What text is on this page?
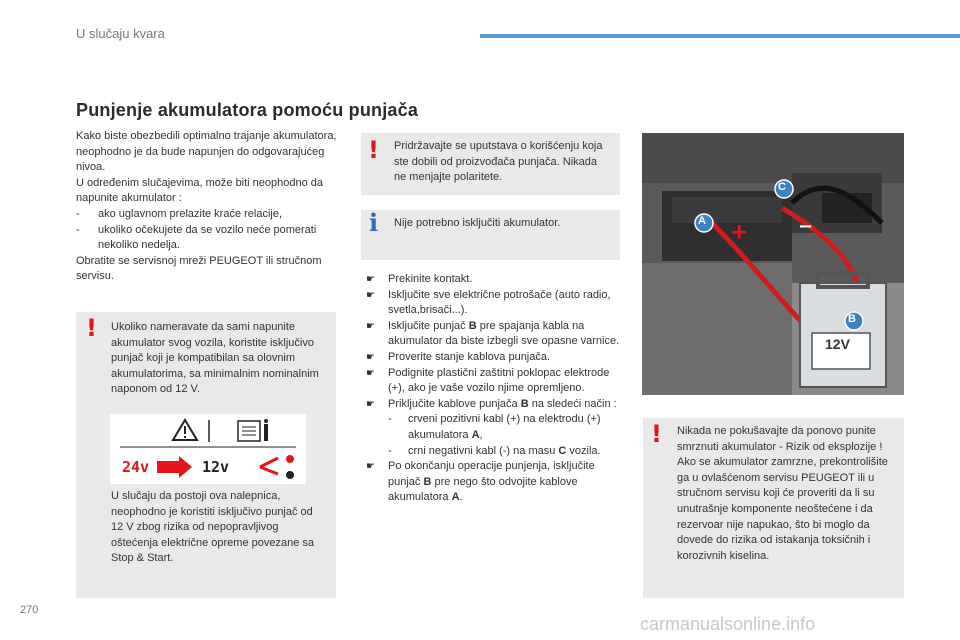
U slučaju kvara
Punjenje akumulatora pomoću punjača

Kako biste obezbedili optimalno trajanje akumulatora, neophodno je da bude napunjen do odgovarajućeg nivoa.

U određenim slučajevima, može biti neophodno da napunite akumulator :

- ako uglavnom prelazite kraće relacije,

- ukoliko očekujete da se vozilo neće pomerati nekoliko nedelja.

Obratite se servisnoj mreži PEUGEOT ili stručnom servisu.

! Ukoliko nameravate da sami napunite akumulator svog vozila, koristite isključivo punjač koji je kompatibilan sa olovnim akumulatorima, sa minimalnim nominalnim naponom od 12 V.
24v	12v
U slučaju da postoji ova nalepnica, neophodno je koristiti isključivo punjač od 12 V zbog rizika od nepopravljivog oštećenja električne opreme povezane sa Stop & Start.
! Pridržavajte se uputstava o korišćenju koja ste dobili od proizvođača punjača. Nikada ne menjajte polaritete.
i Nije potrebno isključiti akumulator.
☛ Prekinite kontakt.
☛ Isključite sve električne potrošače (auto radio, svetla,brisači...).
☛ Isključite punjač B pre spajanja kabla na akumulator da biste izbegli sve opasne varnice.
☛ Proverite stanje kablova punjača.
☛ Podignite plastični zaštitni poklopac elektrode (+), ako je vaše vozilo njime opremljeno.
☛ Priključite kablove punjača B na sledeći način :
- crveni pozitivni kabl (+) na elektrodu (+) akumulatora A,
- crni negativni kabl (-) na masu C vozila.
☛ Po okončanju operacije punjenja, isključite punjač B pre nego što odvojite kablove akumulatora A.
+	−
A
C
B
12V
! Nikada ne pokušavajte da ponovo punite smrznuti akumulator - Rizik od eksplozije !
Ako se akumulator zamrzne, prekontrolišite ga u ovlašćenom servisu PEUGEOT ili u stručnom servisu koji će proveriti da li su unutrašnje komponente neoštećene i da rezervoar nije napukao, što bi moglo da dovede do rizika od istakanja toksičnih i korozivnih kiselina.
270
carmanualsonline.info
